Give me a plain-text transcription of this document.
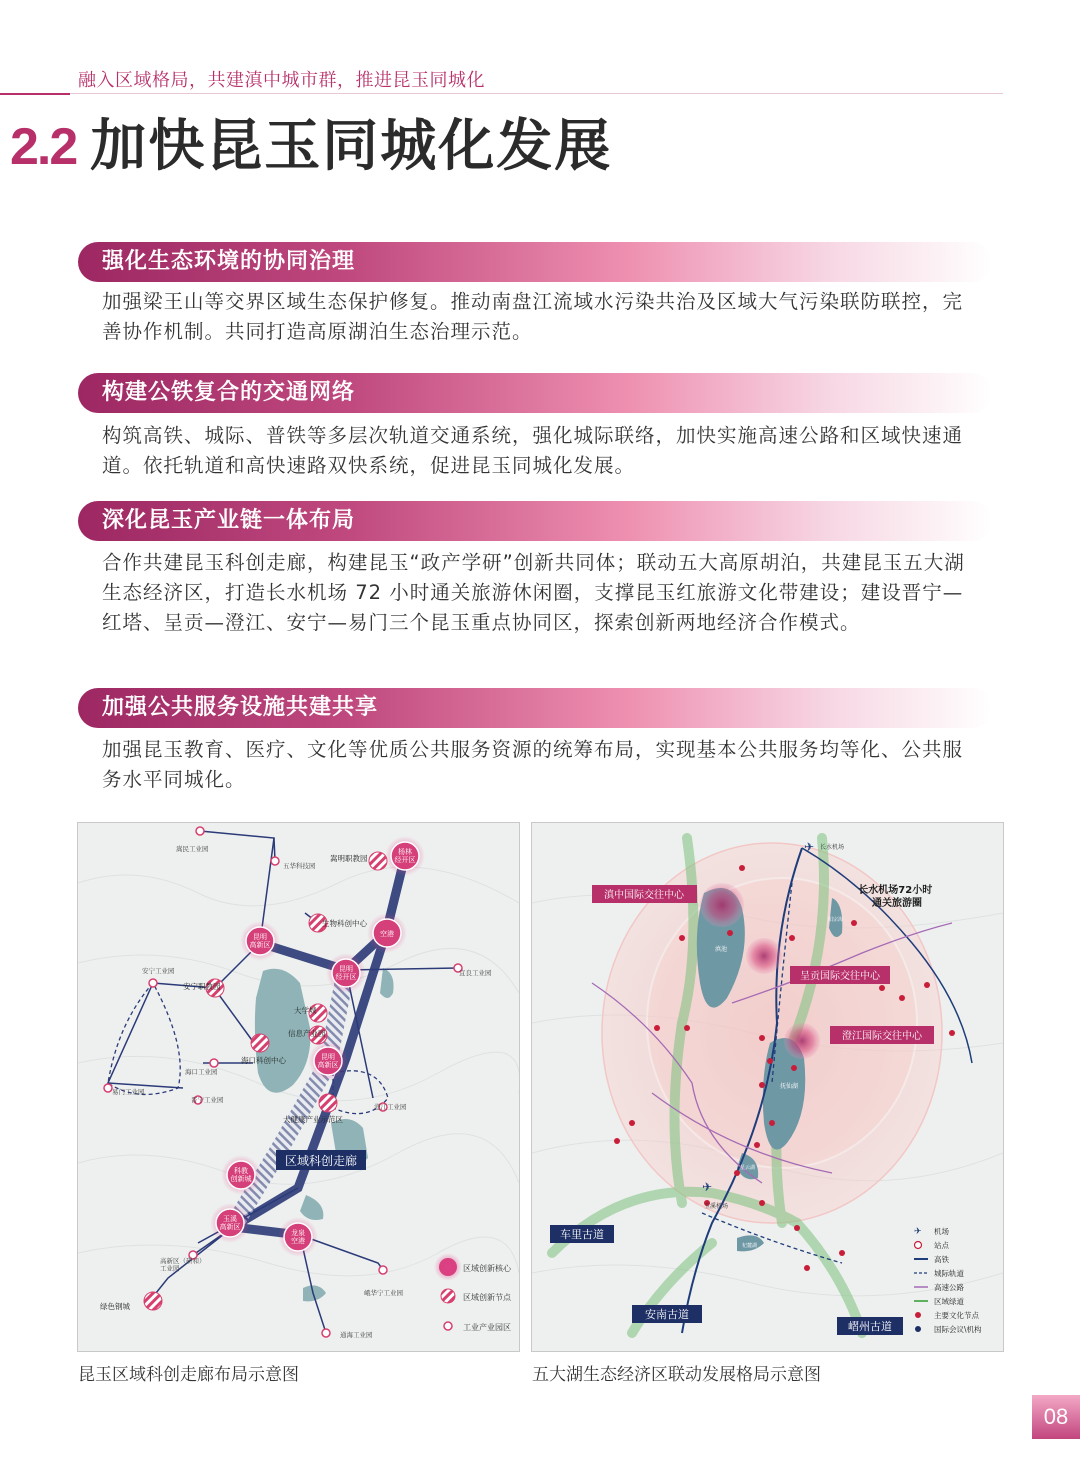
融入区域格局，共建滇中城市群，推进昆玉同城化
2.2 加快昆玉同城化发展
强化生态环境的协同治理
加强梁王山等交界区域生态保护修复。推动南盘江流域水污染共治及区域大气污染联防联控，完善协作机制。共同打造高原湖泊生态治理示范。
构建公铁复合的交通网络
构筑高铁、城际、普铁等多层次轨道交通系统，强化城际联络，加快实施高速公路和区域快速通道。依托轨道和高快速路双快系统，促进昆玉同城化发展。
深化昆玉产业链一体布局
合作共建昆玉科创走廊，构建昆玉“政产学研”创新共同体；联动五大高原胡泊，共建昆玉五大湖生态经济区，打造长水机场 72 小时通关旅游休闲圈，支撑昆玉红旅游文化带建设；建设晋宁—红塔、呈贡—澄江、安宁—易门三个昆玉重点协同区，探索创新两地经济合作模式。
加强公共服务设施共建共享
加强昆玉教育、医疗、文化等优质公共服务资源的统筹布局，实现基本公共服务均等化、公共服务水平同城化。
嵩民工业园
五华科技园
安宁工业园	宜良工业园
海口工业园
易门工业园
晋宁工业园
澄江工业园
高新区（研和）工业园
峨华宁工业园
通海工业园
嵩明职教园
生物科创中心
安宁职教园
大学城
信息产业园
海口科创中心
大健康产业示范区
绿色钢城
杨林经开区
昆明高新区
空港
昆明经开区
昆明高新区
科教创新城
玉溪高新区
龙泉空港
区域科创走廊
区域创新核心
区域创新节点
工业产业园区
昆玉区域科创走廊布局示意图
滇中国际交往中心
呈贡国际交往中心
澄江国际交往中心
长水机场72小时 通关旅游圈
✈ 长水机场
✈
玉溪机场
滇池
抚仙湖
星云湖
杞麓湖
阳宗海
车里古道
安南古道
嶍州古道
✈ 机场
站点
高铁
城际轨道
高速公路
区域绿道
主要文化节点
国际会议\机构
五大湖生态经济区联动发展格局示意图
08
